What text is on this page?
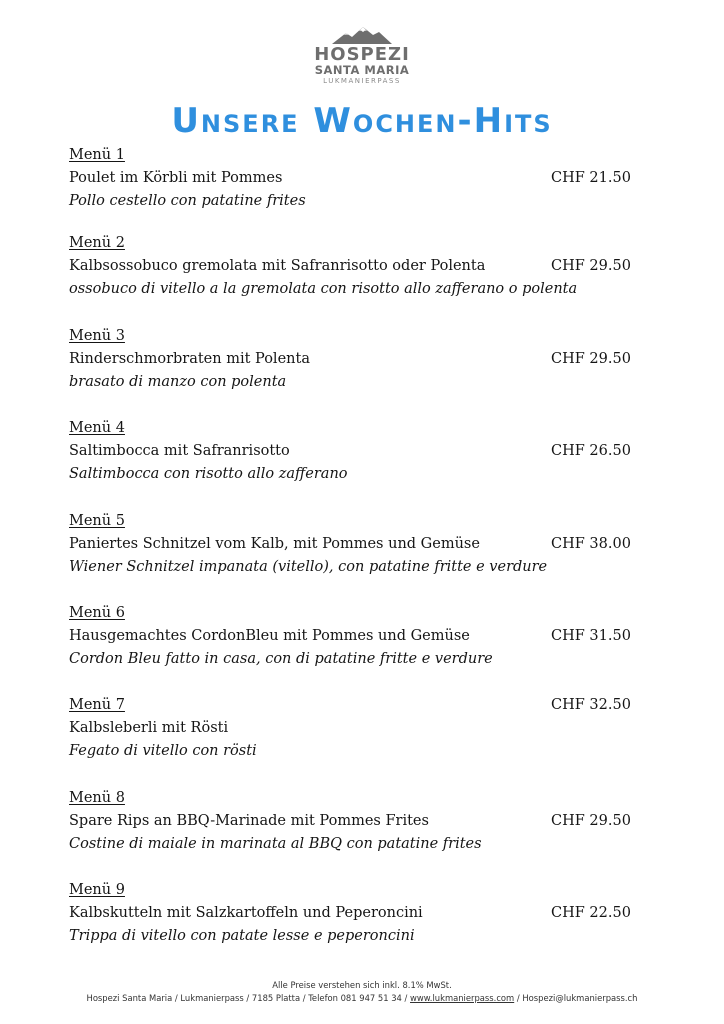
HOSPEZI
SANTA MARIA
LUKMANIERPASS
Unsere Wochen-Hits
Menü 1
Poulet im Körbli mit Pommes	CHF 21.50
Pollo cestello con patatine frites
Menü 2
Kalbsossobuco gremolata mit Safranrisotto oder Polenta	CHF 29.50
ossobuco di vitello a la gremolata con risotto allo zafferano o polenta
Menü 3
Rinderschmorbraten mit Polenta	CHF 29.50
brasato di manzo con polenta
Menü 4
Saltimbocca mit Safranrisotto	CHF 26.50
Saltimbocca con risotto allo zafferano
Menü 5
Paniertes Schnitzel vom Kalb, mit Pommes und Gemüse	CHF 38.00
Wiener Schnitzel impanata (vitello), con patatine fritte e verdure
Menü 6
Hausgemachtes CordonBleu mit Pommes und Gemüse	CHF 31.50
Cordon Bleu fatto in casa, con di patatine fritte e verdure
Menü 7	CHF 32.50
Kalbsleberli mit Rösti
Fegato di vitello con rösti
Menü 8
Spare Rips an BBQ-Marinade mit Pommes Frites	CHF 29.50
Costine di maiale in marinata al BBQ con patatine frites
Menü 9
Kalbskutteln mit Salzkartoffeln und Peperoncini	CHF 22.50
Trippa di vitello con patate lesse e peperoncini
Alle Preise verstehen sich inkl. 8.1% MwSt.
Hospezi Santa Maria / Lukmanierpass / 7185 Platta / Telefon 081 947 51 34 / www.lukmanierpass.com / Hospezi@lukmanierpass.ch
